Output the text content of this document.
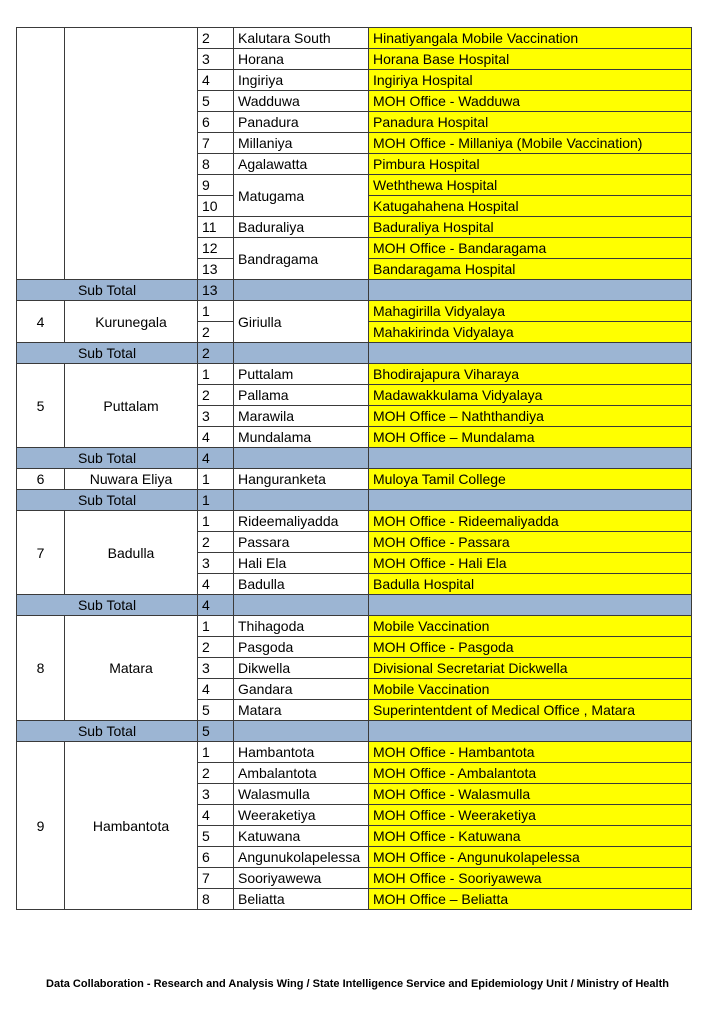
		2	Kalutara South	Hinatiyangala Mobile Vaccination
		3	Horana	Horana Base Hospital
		4	Ingiriya	Ingiriya Hospital
		5	Wadduwa	MOH Office - Wadduwa
		6	Panadura	Panadura Hospital
		7	Millaniya	MOH Office - Millaniya (Mobile Vaccination)
		8	Agalawatta	Pimbura Hospital
		9	Matugama	Weththewa Hospital
		10		Katugahahena Hospital
		11	Baduraliya	Baduraliya Hospital
		12	Bandragama	MOH Office - Bandaragama
		13		Bandaragama Hospital
Sub Total		13		
4	Kurunegala	1	Giriulla	Mahagirilla Vidyalaya
		2		Mahakirinda Vidyalaya
Sub Total		2		
5	Puttalam	1	Puttalam	Bhodirajapura Viharaya
		2	Pallama	Madawakkulama Vidyalaya
		3	Marawila	MOH Office – Naththandiya
		4	Mundalama	MOH Office – Mundalama
Sub Total		4		
6	Nuwara Eliya	1	Hanguranketa	Muloya Tamil College
Sub Total		1		
7	Badulla	1	Rideemaliyadda	MOH Office - Rideemaliyadda
		2	Passara	MOH Office - Passara
		3	Hali Ela	MOH Office - Hali Ela
		4	Badulla	Badulla Hospital
Sub Total		4		
8	Matara	1	Thihagoda	Mobile Vaccination
		2	Pasgoda	MOH Office - Pasgoda
		3	Dikwella	Divisional Secretariat Dickwella
		4	Gandara	Mobile Vaccination
		5	Matara	Superintentdent of Medical Office , Matara
Sub Total		5		
9	Hambantota	1	Hambantota	MOH Office - Hambantota
		2	Ambalantota	MOH Office - Ambalantota
		3	Walasmulla	MOH Office - Walasmulla
		4	Weeraketiya	MOH Office - Weeraketiya
		5	Katuwana	MOH Office - Katuwana
		6	Angunukolapelessa	MOH Office - Angunukolapelessa
		7	Sooriyawewa	MOH Office - Sooriyawewa
		8	Beliatta	MOH Office – Beliatta
Data Collaboration - Research and Analysis Wing / State Intelligence Service and Epidemiology Unit / Ministry of Health
